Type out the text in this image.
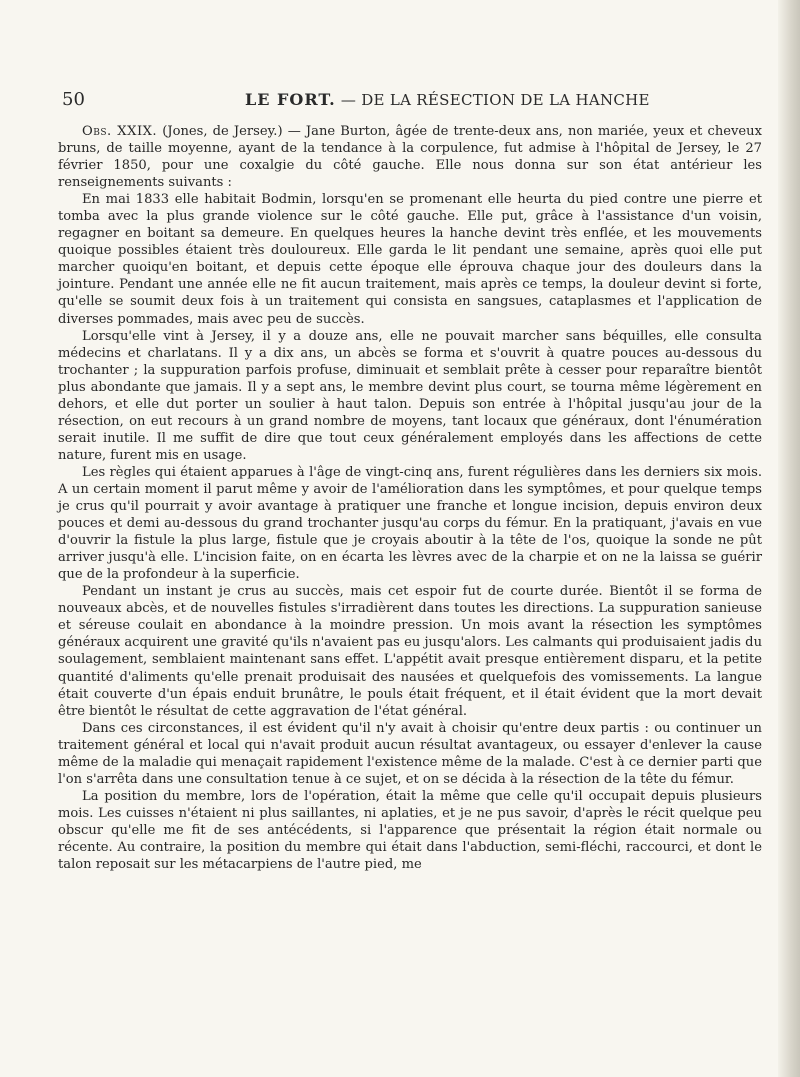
50	LE FORT. — DE LA RÉSECTION DE LA HANCHE

Obs. XXIX. (Jones, de Jersey.) — Jane Burton, âgée de trente-deux ans, non mariée, yeux et cheveux bruns, de taille moyenne, ayant de la tendance à la corpulence, fut admise à l'hôpital de Jersey, le 27 février 1850, pour une coxalgie du côté gauche. Elle nous donna sur son état antérieur les renseignements suivants :

En mai 1833 elle habitait Bodmin, lorsqu'en se promenant elle heurta du pied contre une pierre et tomba avec la plus grande violence sur le côté gauche. Elle put, grâce à l'assistance d'un voisin, regagner en boitant sa demeure. En quelques heures la hanche devint très enflée, et les mouvements quoique possibles étaient très douloureux. Elle garda le lit pendant une semaine, après quoi elle put marcher quoiqu'en boitant, et depuis cette époque elle éprouva chaque jour des douleurs dans la jointure. Pendant une année elle ne fit aucun traitement, mais après ce temps, la douleur devint si forte, qu'elle se soumit deux fois à un traitement qui consista en sangsues, cataplasmes et l'application de diverses pommades, mais avec peu de succès.

Lorsqu'elle vint à Jersey, il y a douze ans, elle ne pouvait marcher sans béquilles, elle consulta médecins et charlatans. Il y a dix ans, un abcès se forma et s'ouvrit à quatre pouces au-dessous du trochanter ; la suppuration parfois profuse, diminuait et semblait prête à cesser pour reparaître bientôt plus abondante que jamais. Il y a sept ans, le membre devint plus court, se tourna même légèrement en dehors, et elle dut porter un soulier à haut talon. Depuis son entrée à l'hôpital jusqu'au jour de la résection, on eut recours à un grand nombre de moyens, tant locaux que généraux, dont l'énumération serait inutile. Il me suffit de dire que tout ceux généralement employés dans les affections de cette nature, furent mis en usage.

Les règles qui étaient apparues à l'âge de vingt-cinq ans, furent régulières dans les derniers six mois. A un certain moment il parut même y avoir de l'amélioration dans les symptômes, et pour quelque temps je crus qu'il pourrait y avoir avantage à pratiquer une franche et longue incision, depuis environ deux pouces et demi au-dessous du grand trochanter jusqu'au corps du fémur. En la pratiquant, j'avais en vue d'ouvrir la fistule la plus large, fistule que je croyais aboutir à la tête de l'os, quoique la sonde ne pût arriver jusqu'à elle. L'incision faite, on en écarta les lèvres avec de la charpie et on ne la laissa se guérir que de la profondeur à la superficie.

Pendant un instant je crus au succès, mais cet espoir fut de courte durée. Bientôt il se forma de nouveaux abcès, et de nouvelles fistules s'irradièrent dans toutes les directions. La suppuration sanieuse et séreuse coulait en abondance à la moindre pression. Un mois avant la résection les symptômes généraux acquirent une gravité qu'ils n'avaient pas eu jusqu'alors. Les calmants qui produisaient jadis du soulagement, semblaient maintenant sans effet. L'appétit avait presque entièrement disparu, et la petite quantité d'aliments qu'elle prenait produisait des nausées et quelquefois des vomissements. La langue était couverte d'un épais enduit brunâtre, le pouls était fréquent, et il était évident que la mort devait être bientôt le résultat de cette aggravation de l'état général.

Dans ces circonstances, il est évident qu'il n'y avait à choisir qu'entre deux partis : ou continuer un traitement général et local qui n'avait produit aucun résultat avantageux, ou essayer d'enlever la cause même de la maladie qui menaçait rapidement l'existence même de la malade. C'est à ce dernier parti que l'on s'arrêta dans une consultation tenue à ce sujet, et on se décida à la résection de la tête du fémur.

La position du membre, lors de l'opération, était la même que celle qu'il occupait depuis plusieurs mois. Les cuisses n'étaient ni plus saillantes, ni aplaties, et je ne pus savoir, d'après le récit quelque peu obscur qu'elle me fit de ses antécédents, si l'apparence que présentait la région était normale ou récente. Au contraire, la position du membre qui était dans l'abduction, semi-fléchi, raccourci, et dont le talon reposait sur les métacarpiens de l'autre pied, me
